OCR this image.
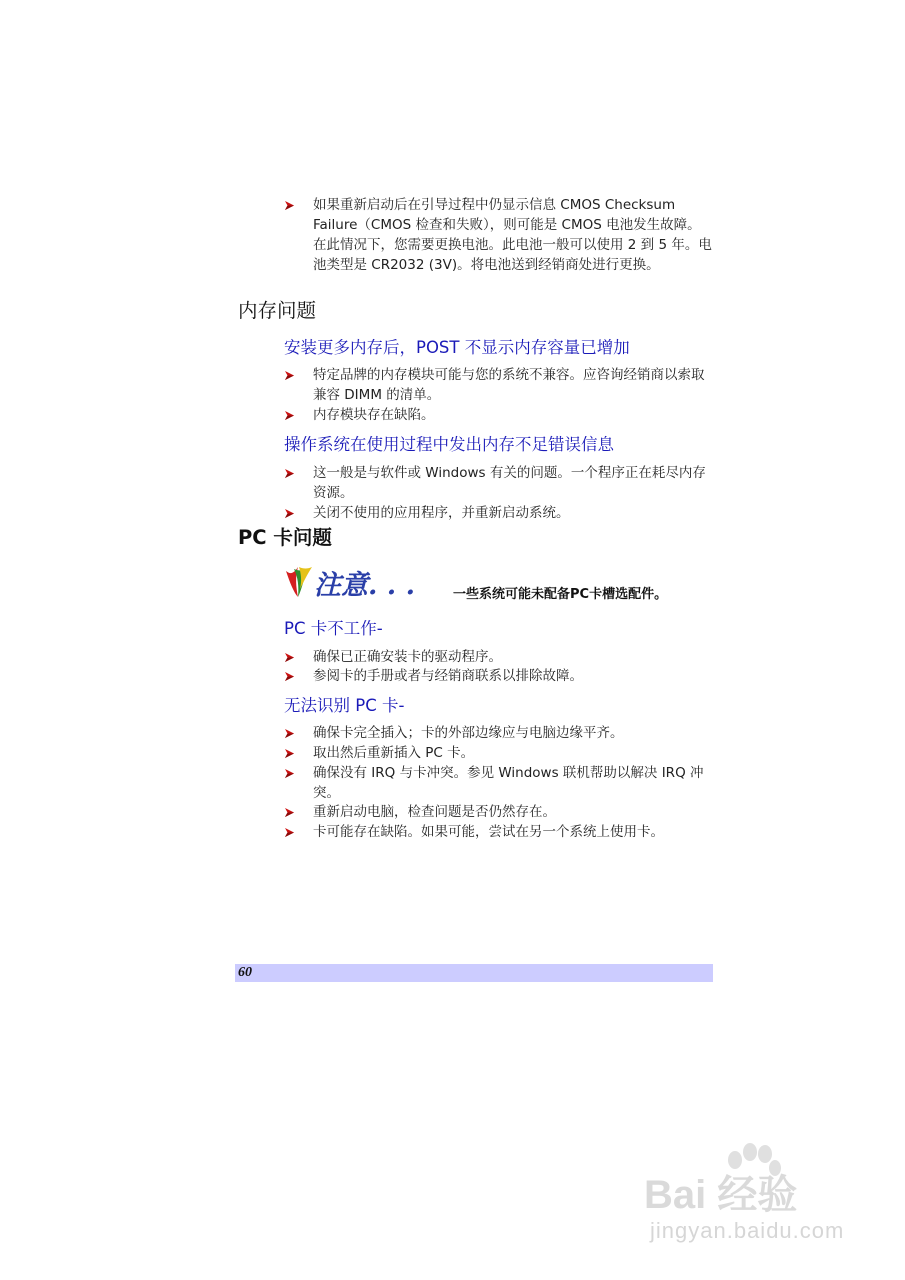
如果重新启动后在引导过程中仍显示信息 CMOS Checksum Failure（CMOS 检查和失败），则可能是 CMOS 电池发生故障。在此情况下，您需要更换电池。此电池一般可以使用 2 到 5 年。电池类型是 CR2032 (3V)。将电池送到经销商处进行更换。
内存问题
安装更多内存后，POST 不显示内存容量已增加
特定品牌的内存模块可能与您的系统不兼容。应咨询经销商以索取兼容 DIMM 的清单。
内存模块存在缺陷。
操作系统在使用过程中发出内存不足错误信息
这一般是与软件或 Windows 有关的问题。一个程序正在耗尽内存资源。
关闭不使用的应用程序，并重新启动系统。
PC 卡问题
注意. . .	一些系统可能未配备PC卡槽选配件。
PC 卡不工作-
确保已正确安装卡的驱动程序。
参阅卡的手册或者与经销商联系以排除故障。
无法识别 PC 卡-
确保卡完全插入；卡的外部边缘应与电脑边缘平齐。
取出然后重新插入 PC 卡。
确保没有 IRQ 与卡冲突。参见 Windows 联机帮助以解决 IRQ 冲突。
重新启动电脑，检查问题是否仍然存在。
卡可能存在缺陷。如果可能，尝试在另一个系统上使用卡。
60
Bai 经验
jingyan.baidu.com
